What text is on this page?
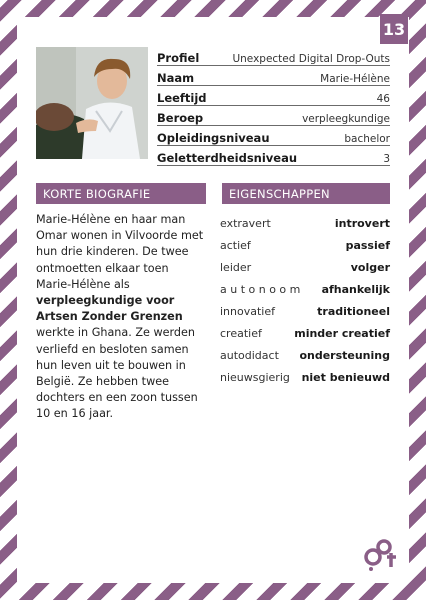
13
Profiel	Unexpected Digital Drop-Outs
Naam	Marie-Hélène
Leeftijd	46
Beroep	verpleegkundige
Opleidingsniveau	bachelor
Geletterdheidsniveau	3
KORTE BIOGRAFIE	EIGENSCHAPPEN
Marie-Hélène en haar man Omar wonen in Vilvoorde met hun drie kinderen. De twee ontmoetten elkaar toen Marie-Hélène als verpleegkundige voor Artsen Zonder Grenzen werkte in Ghana. Ze werden verliefd en besloten samen hun leven uit te bouwen in België. Ze hebben twee dochters en een zoon tussen 10 en 16 jaar.
extravert	introvert
actief	passief
leider	volger
a u t o n o o m afhankelijk
innovatief	traditioneel
creatief	minder creatief
autodidact ondersteuning
nieuwsgierig niet benieuwd
